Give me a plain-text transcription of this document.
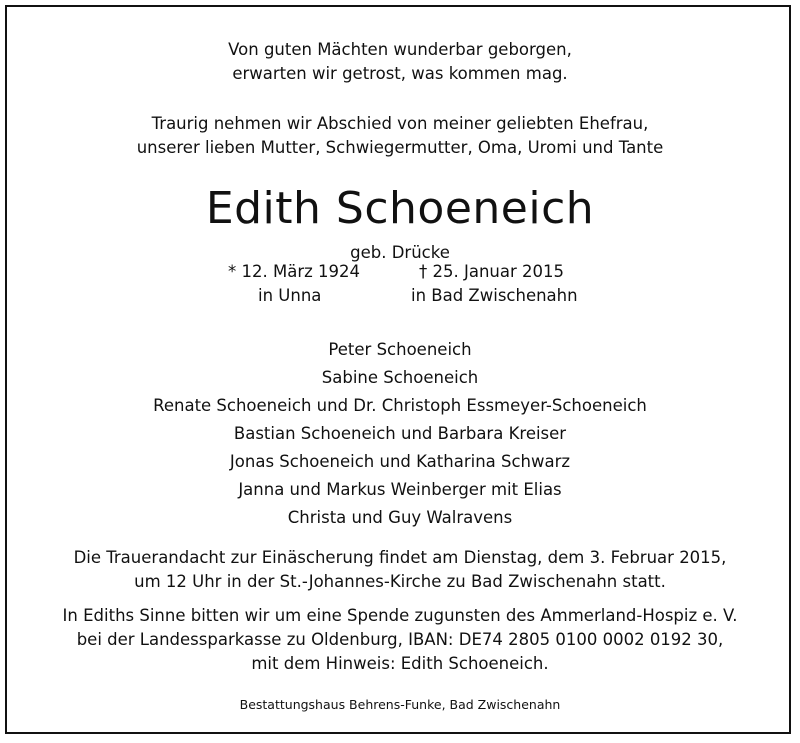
Von guten Mächten wunderbar geborgen,
erwarten wir getrost, was kommen mag.
Traurig nehmen wir Abschied von meiner geliebten Ehefrau,
unserer lieben Mutter, Schwiegermutter, Oma, Uromi und Tante
Edith Schoeneich
geb. Drücke
* 12. März 1924
in Unna
† 25. Januar 2015
in Bad Zwischenahn
Peter Schoeneich
Sabine Schoeneich
Renate Schoeneich und Dr. Christoph Essmeyer-Schoeneich
Bastian Schoeneich und Barbara Kreiser
Jonas Schoeneich und Katharina Schwarz
Janna und Markus Weinberger mit Elias
Christa und Guy Walravens
Die Trauerandacht zur Einäscherung findet am Dienstag, dem 3. Februar 2015,
um 12 Uhr in der St.-Johannes-Kirche zu Bad Zwischenahn statt.
In Ediths Sinne bitten wir um eine Spende zugunsten des Ammerland-Hospiz e. V.
bei der Landessparkasse zu Oldenburg, IBAN: DE74 2805 0100 0002 0192 30,
mit dem Hinweis: Edith Schoeneich.
Bestattungshaus Behrens-Funke, Bad Zwischenahn
